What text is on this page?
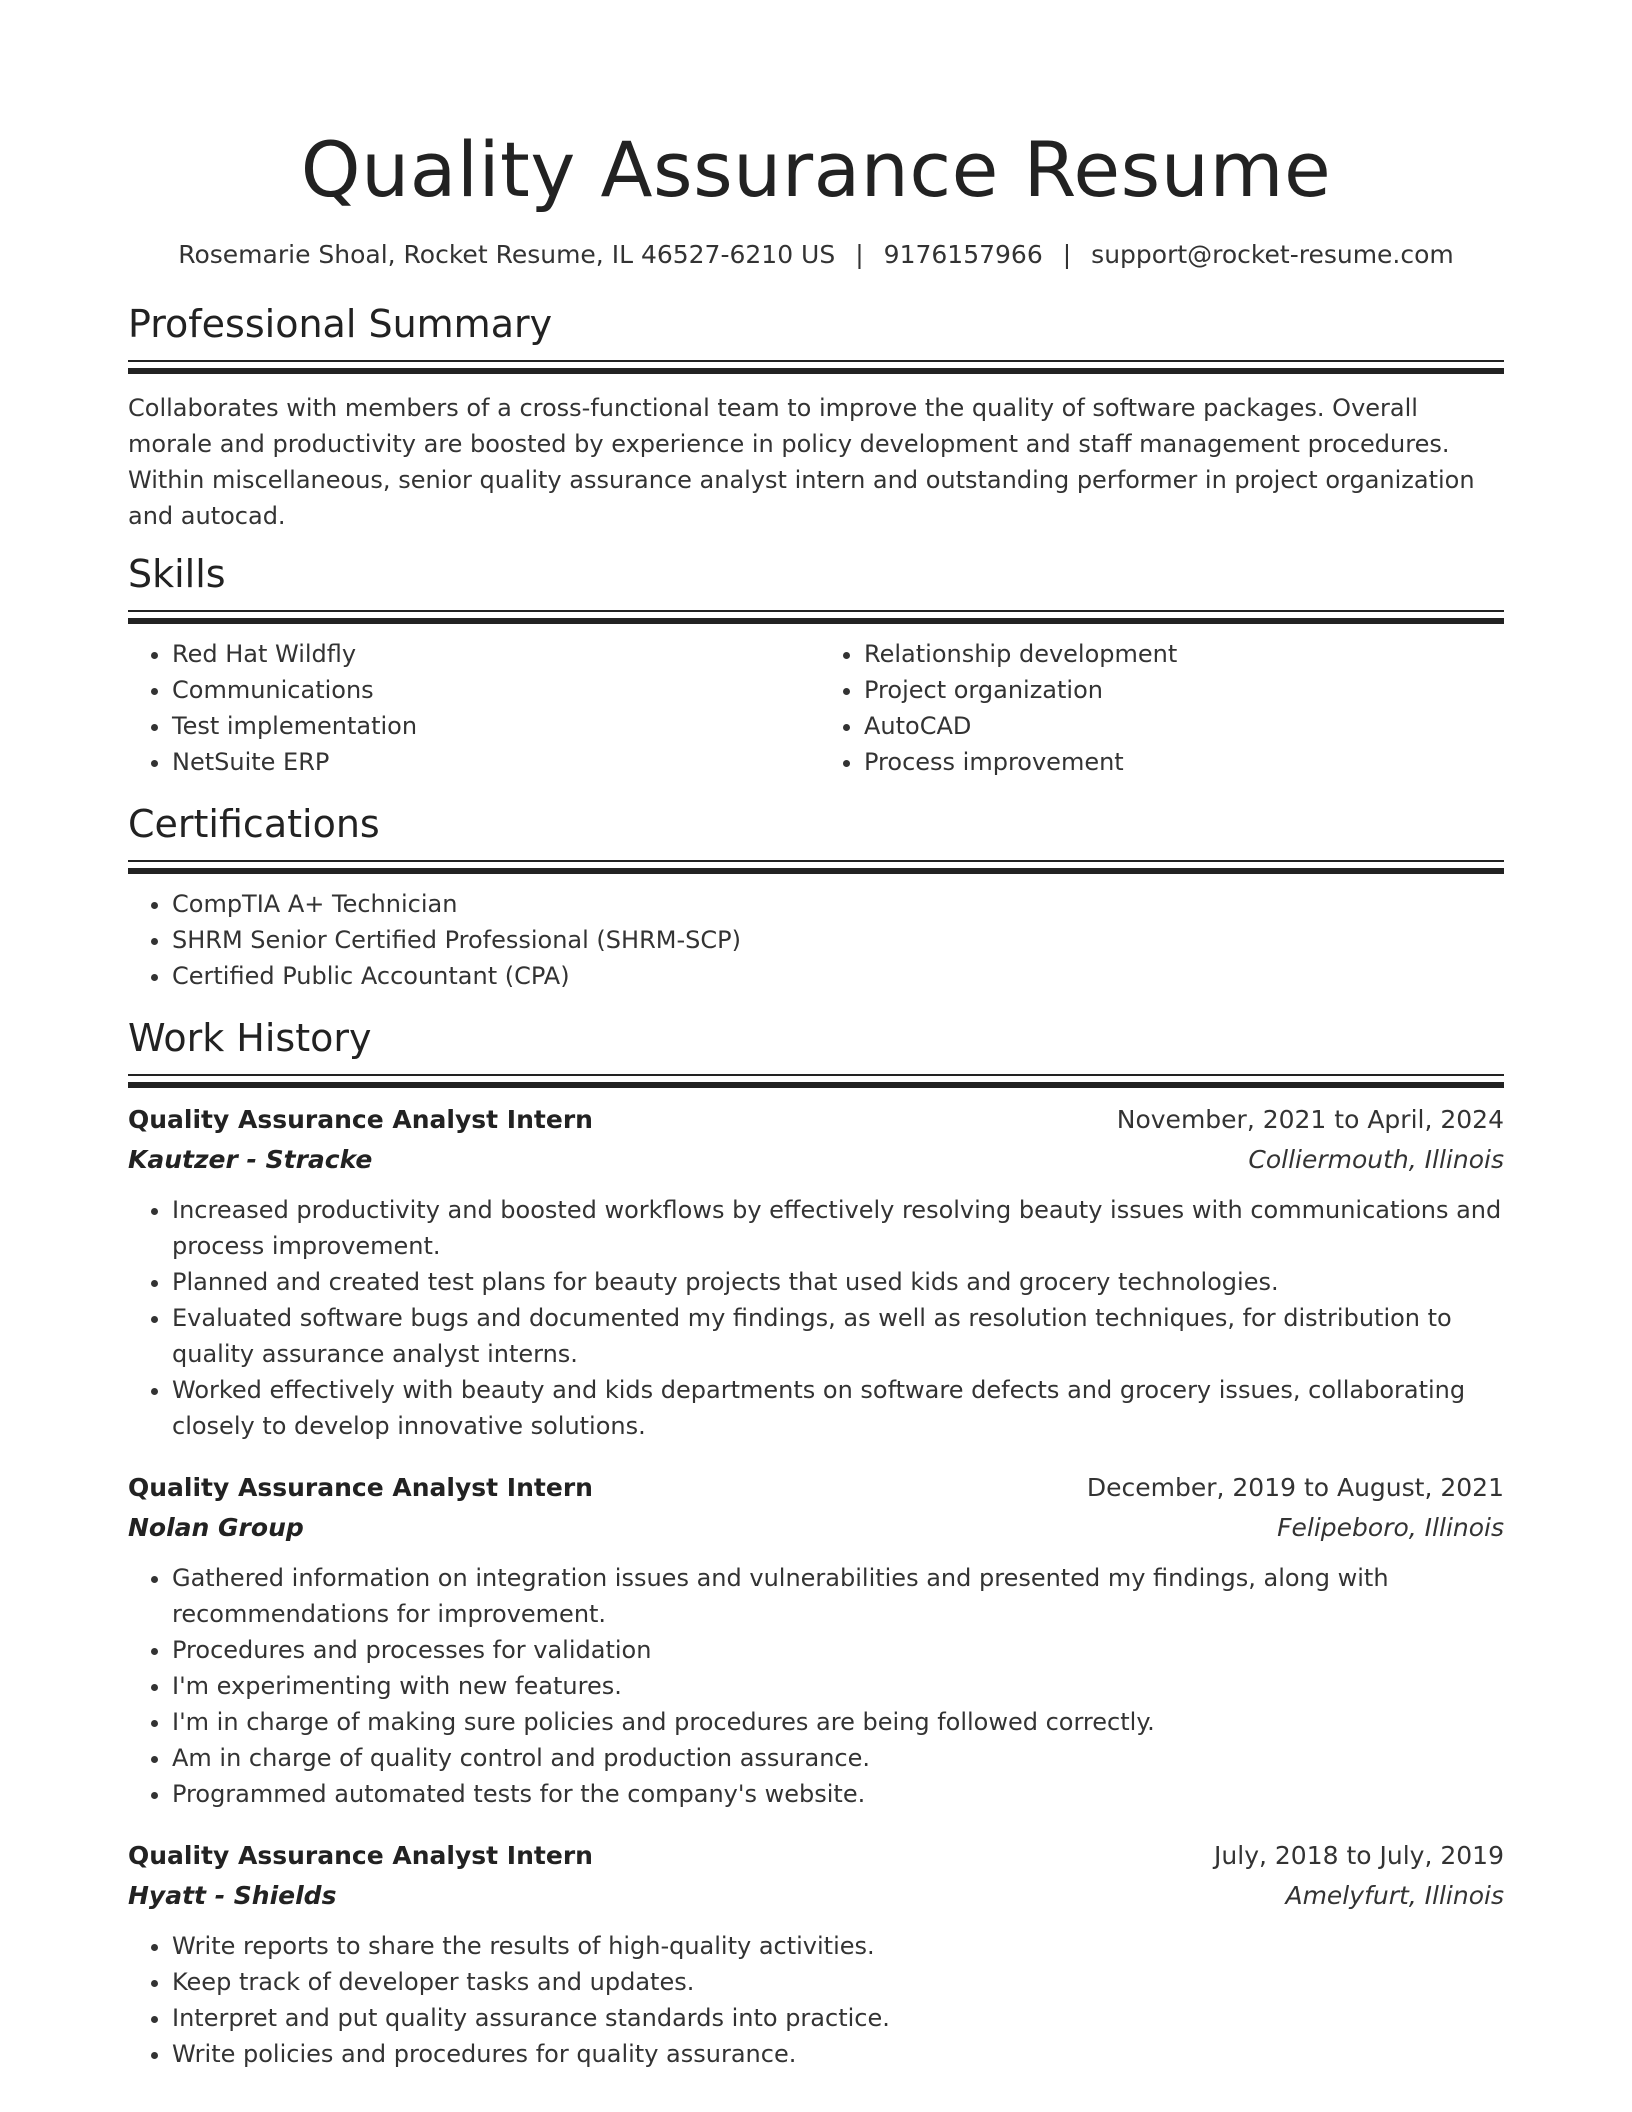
Quality Assurance Resume
Rosemarie Shoal, Rocket Resume, IL 46527-6210 US | 9176157966 | support@rocket-resume.com
Professional Summary

Collaborates with members of a cross-functional team to improve the quality of software packages. Overall morale and productivity are boosted by experience in policy development and staff management procedures. Within miscellaneous, senior quality assurance analyst intern and outstanding performer in project organization and autocad.

Skills
• Red Hat Wildfly
• Communications
• Test implementation
• NetSuite ERP
• Relationship development
• Project organization
• AutoCAD
• Process improvement
Certifications
• CompTIA A+ Technician
• SHRM Senior Certified Professional (SHRM-SCP)
• Certified Public Accountant (CPA)
Work History
Quality Assurance Analyst Intern	November, 2021 to April, 2024
Kautzer - Stracke	Colliermouth, Illinois
• Increased productivity and boosted workflows by effectively resolving beauty issues with communications and process improvement.
• Planned and created test plans for beauty projects that used kids and grocery technologies.
• Evaluated software bugs and documented my findings, as well as resolution techniques, for distribution to quality assurance analyst interns.
• Worked effectively with beauty and kids departments on software defects and grocery issues, collaborating closely to develop innovative solutions.
Quality Assurance Analyst Intern	December, 2019 to August, 2021
Nolan Group	Felipeboro, Illinois
• Gathered information on integration issues and vulnerabilities and presented my findings, along with recommendations for improvement.
• Procedures and processes for validation
• I'm experimenting with new features.
• I'm in charge of making sure policies and procedures are being followed correctly.
• Am in charge of quality control and production assurance.
• Programmed automated tests for the company's website.
Quality Assurance Analyst Intern	July, 2018 to July, 2019
Hyatt - Shields	Amelyfurt, Illinois
• Write reports to share the results of high-quality activities.
• Keep track of developer tasks and updates.
• Interpret and put quality assurance standards into practice.
• Write policies and procedures for quality assurance.
